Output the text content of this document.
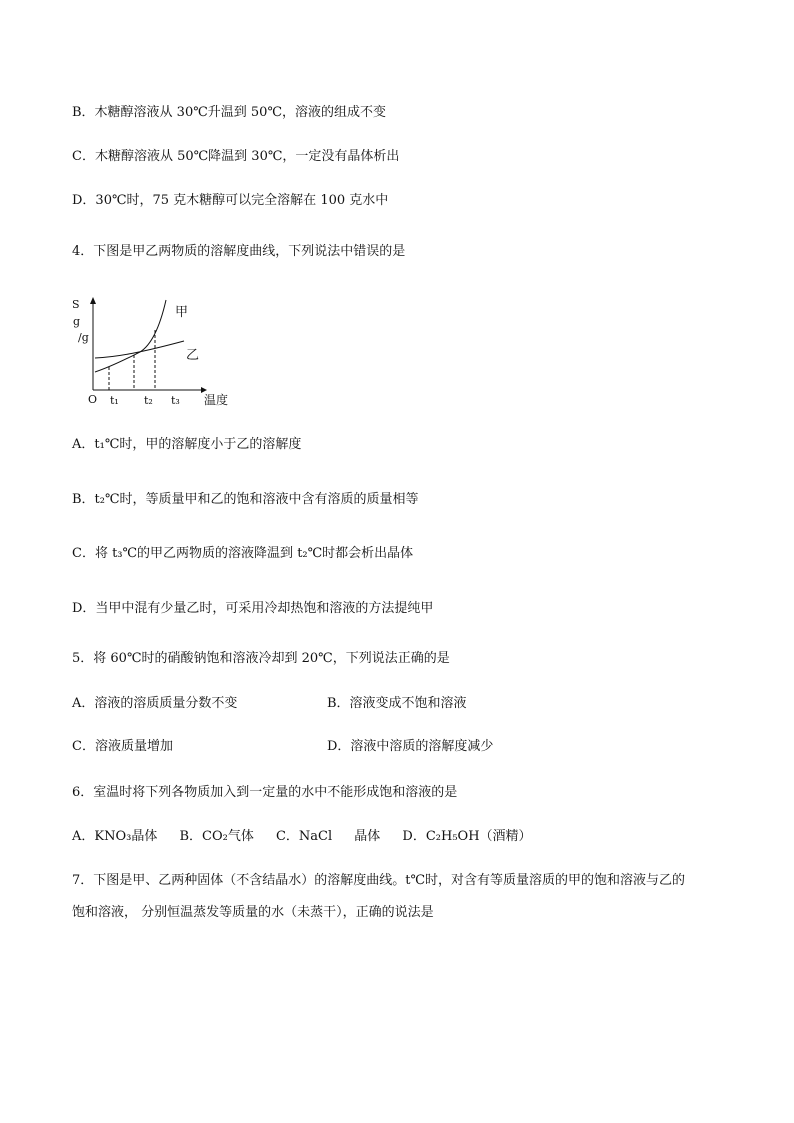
B．木糖醇溶液从 30℃升温到 50℃，溶液的组成不变
C．木糖醇溶液从 50℃降温到 30℃，一定没有晶体析出
D．30℃时，75 克木糖醇可以完全溶解在 100 克水中
4．下图是甲乙两物质的溶解度曲线，下列说法中错误的是
S
g
/g
O t₁ t₂ t₃ 温度
甲
乙
A．t₁℃时，甲的溶解度小于乙的溶解度
B．t₂℃时，等质量甲和乙的饱和溶液中含有溶质的质量相等
C．将 t₃℃的甲乙两物质的溶液降温到 t₂℃时都会析出晶体
D．当甲中混有少量乙时，可采用冷却热饱和溶液的方法提纯甲
5．将 60℃时的硝酸钠饱和溶液冷却到 20℃，下列说法正确的是
A．溶液的溶质质量分数不变	B．溶液变成不饱和溶液
C．溶液质量增加	D．溶液中溶质的溶解度减少
6．室温时将下列各物质加入到一定量的水中不能形成饱和溶液的是
A．KNO₃晶体 B．CO₂气体 C．NaCl 晶体 D．C₂H₅OH（酒精）
7．下图是甲、乙两种固体（不含结晶水）的溶解度曲线。t℃时，对含有等质量溶质的甲的饱和溶液与乙的
饱和溶液， 分别恒温蒸发等质量的水（未蒸干），正确的说法是
